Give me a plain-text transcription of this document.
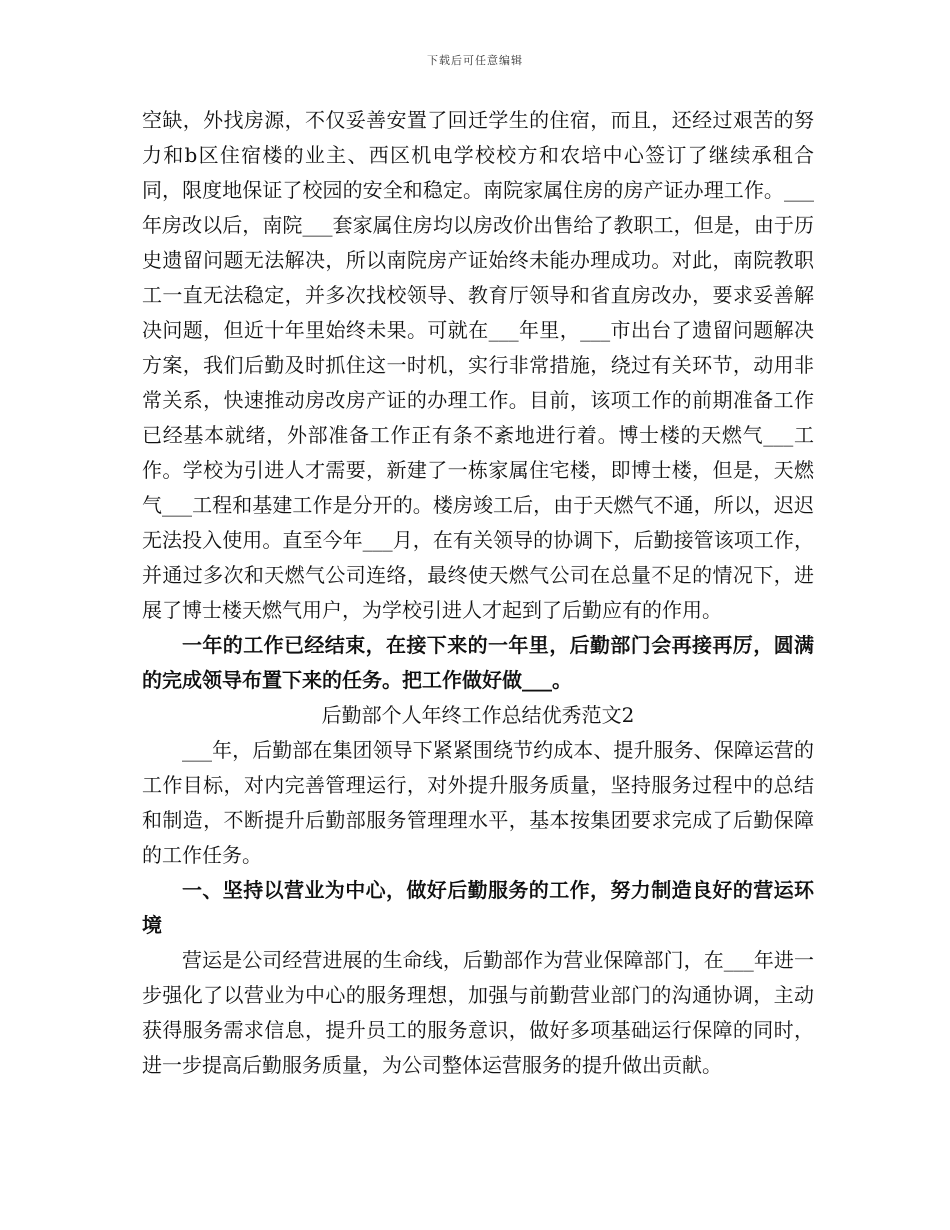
下载后可任意编辑

空缺，外找房源，不仅妥善安置了回迁学生的住宿，而且，还经过艰苦的努力和b区住宿楼的业主、西区机电学校校方和农培中心签订了继续承租合同，限度地保证了校园的安全和稳定。南院家属住房的房产证办理工作。___年房改以后，南院___套家属住房均以房改价出售给了教职工，但是，由于历史遗留问题无法解决，所以南院房产证始终未能办理成功。对此，南院教职工一直无法稳定，并多次找校领导、教育厅领导和省直房改办，要求妥善解决问题，但近十年里始终未果。可就在___年里，___市出台了遗留问题解决方案，我们后勤及时抓住这一时机，实行非常措施，绕过有关环节，动用非常关系，快速推动房改房产证的办理工作。目前，该项工作的前期准备工作已经基本就绪，外部准备工作正有条不紊地进行着。博士楼的天燃气___工作。学校为引进人才需要，新建了一栋家属住宅楼，即博士楼，但是，天燃气___工程和基建工作是分开的。楼房竣工后，由于天燃气不通，所以，迟迟无法投入使用。直至今年___月，在有关领导的协调下，后勤接管该项工作，并通过多次和天燃气公司连络，最终使天燃气公司在总量不足的情况下，进展了博士楼天燃气用户，为学校引进人才起到了后勤应有的作用。

一年的工作已经结束，在接下来的一年里，后勤部门会再接再厉，圆满的完成领导布置下来的任务。把工作做好做___。

后勤部个人年终工作总结优秀范文2

___年，后勤部在集团领导下紧紧围绕节约成本、提升服务、保障运营的工作目标，对内完善管理运行，对外提升服务质量，坚持服务过程中的总结和制造，不断提升后勤部服务管理理水平，基本按集团要求完成了后勤保障的工作任务。

一、坚持以营业为中心，做好后勤服务的工作，努力制造良好的营运环境

营运是公司经营进展的生命线，后勤部作为营业保障部门，在___年进一步强化了以营业为中心的服务理想，加强与前勤营业部门的沟通协调，主动获得服务需求信息，提升员工的服务意识，做好多项基础运行保障的同时，进一步提高后勤服务质量，为公司整体运营服务的提升做出贡献。
